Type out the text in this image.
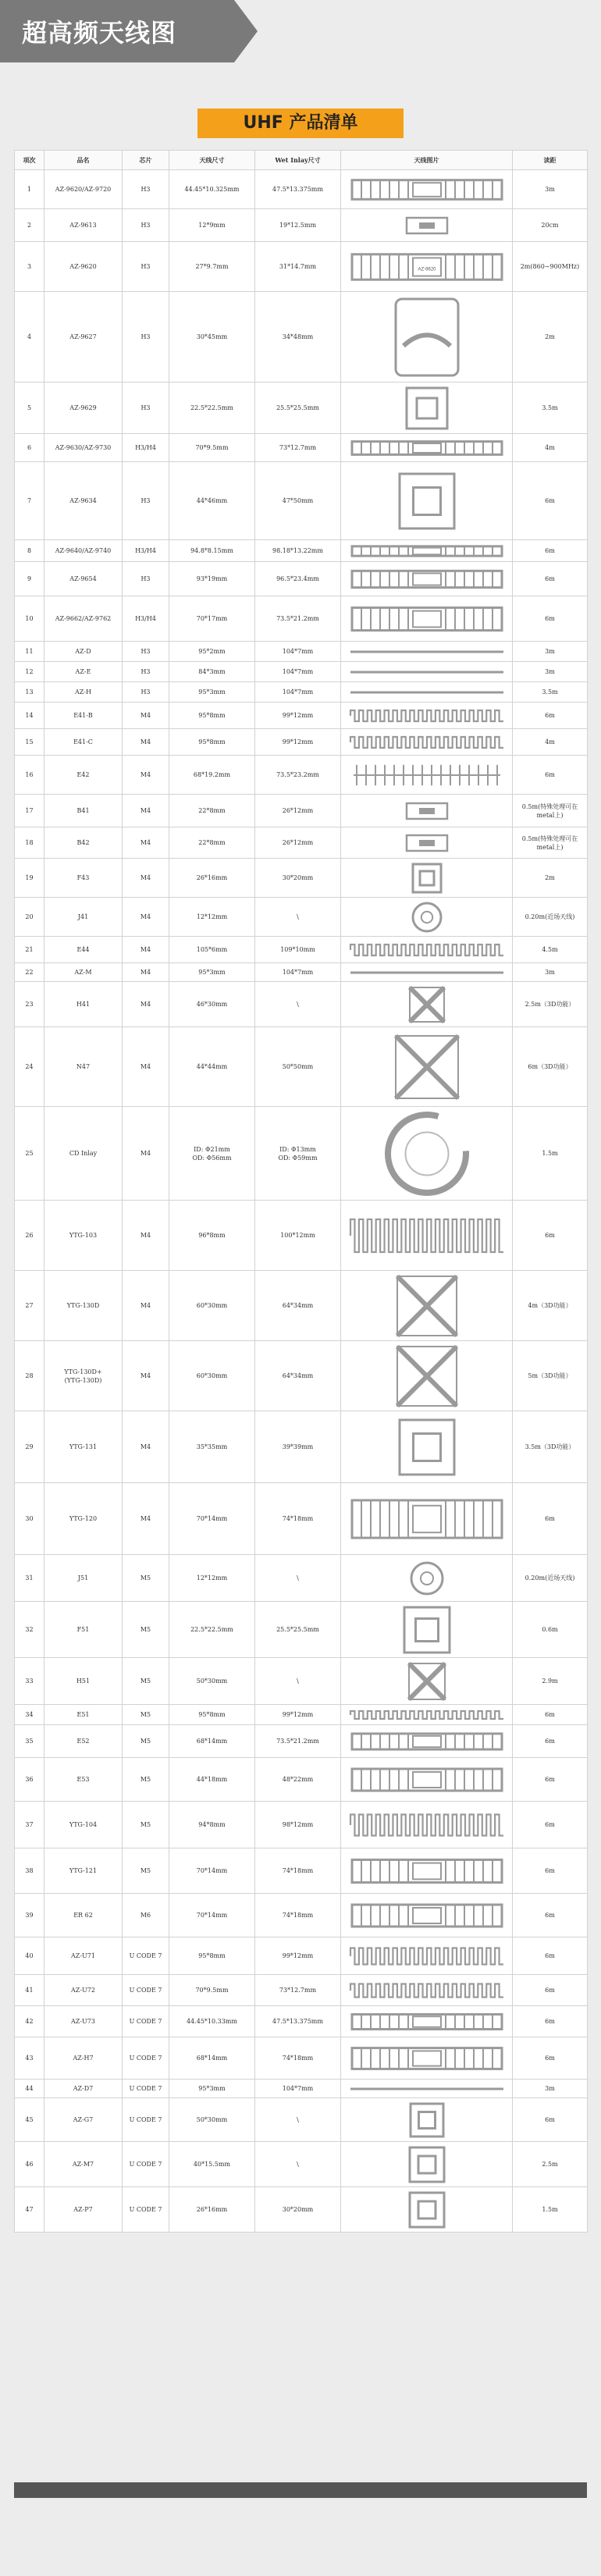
超高频天线图
UHF 产品清单
项次	品名	芯片	天线尺寸	Wet Inlay尺寸	天线图片	读距
1	AZ-9620/AZ-9720	H3	44.45*10.325mm	47.5*13.375mm		3m
2	AZ-9613	H3	12*9mm	19*12.5mm		20cm
3	AZ-9620	H3	27*9.7mm	31*14.7mm	AZ-9620	2m(860~900MHz)
4	AZ-9627	H3	30*45mm	34*48mm		2m
5	AZ-9629	H3	22.5*22.5mm	25.5*25.5mm		3.5m
6	AZ-9630/AZ-9730	H3/H4	70*9.5mm	73*12.7mm		4m
7	AZ-9634	H3	44*46mm	47*50mm		6m
8	AZ-9640/AZ-9740	H3/H4	94.8*8.15mm	98.18*13.22mm		6m
9	AZ-9654	H3	93*19mm	96.5*23.4mm		6m
10	AZ-9662/AZ-9762	H3/H4	70*17mm	73.5*21.2mm		6m
11	AZ-D	H3	95*2mm	104*7mm		3m
12	AZ-E	H3	84*3mm	104*7mm		3m
13	AZ-H	H3	95*3mm	104*7mm		3.5m
14	E41-B	M4	95*8mm	99*12mm		6m
15	E41-C	M4	95*8mm	99*12mm		4m
16	E42	M4	68*19.2mm	73.5*23.2mm		6m
17	B41	M4	22*8mm	26*12mm		0.5m(特殊处理可在metal上)
18	B42	M4	22*8mm	26*12mm		0.5m(特殊处理可在metal上)
19	F43	M4	26*16mm	30*20mm		2m
20	J41	M4	12*12mm	\		0.20m(近场天线)
21	E44	M4	105*6mm	109*10mm		4.5m
22	AZ-M	M4	95*3mm	104*7mm		3m
23	H41	M4	46*30mm	\		2.5m（3D功能）
24	N47	M4	44*44mm	50*50mm		6m（3D功能）
25	CD Inlay	M4	ID: Φ21mm
OD: Φ56mm	ID: Φ13mm
OD: Φ59mm		1.5m
26	YTG-103	M4	96*8mm	100*12mm		6m
27	YTG-130D	M4	60*30mm	64*34mm		4m（3D功能）
28	YTG-130D+
(YTG-130D)	M4	60*30mm	64*34mm		5m（3D功能）
29	YTG-131	M4	35*35mm	39*39mm		3.5m（3D功能）
30	YTG-120	M4	70*14mm	74*18mm		6m
31	J51	M5	12*12mm	\		0.20m(近场天线)
32	F51	M5	22.5*22.5mm	25.5*25.5mm		0.6m
33	H51	M5	50*30mm	\		2.9m
34	E51	M5	95*8mm	99*12mm		6m
35	E52	M5	68*14mm	73.5*21.2mm		6m
36	E53	M5	44*18mm	48*22mm		6m
37	YTG-104	M5	94*8mm	98*12mm		6m
38	YTG-121	M5	70*14mm	74*18mm		6m
39	ER 62	M6	70*14mm	74*18mm		6m
40	AZ-U71	U CODE 7	95*8mm	99*12mm		6m
41	AZ-U72	U CODE 7	70*9.5mm	73*12.7mm		6m
42	AZ-U73	U CODE 7	44.45*10.33mm	47.5*13.375mm		6m
43	AZ-H7	U CODE 7	68*14mm	74*18mm		6m
44	AZ-D7	U CODE 7	95*3mm	104*7mm		3m
45	AZ-G7	U CODE 7	50*30mm	\		6m
46	AZ-M7	U CODE 7	40*15.5mm	\		2.5m
47	AZ-P7	U CODE 7	26*16mm	30*20mm		1.5m
